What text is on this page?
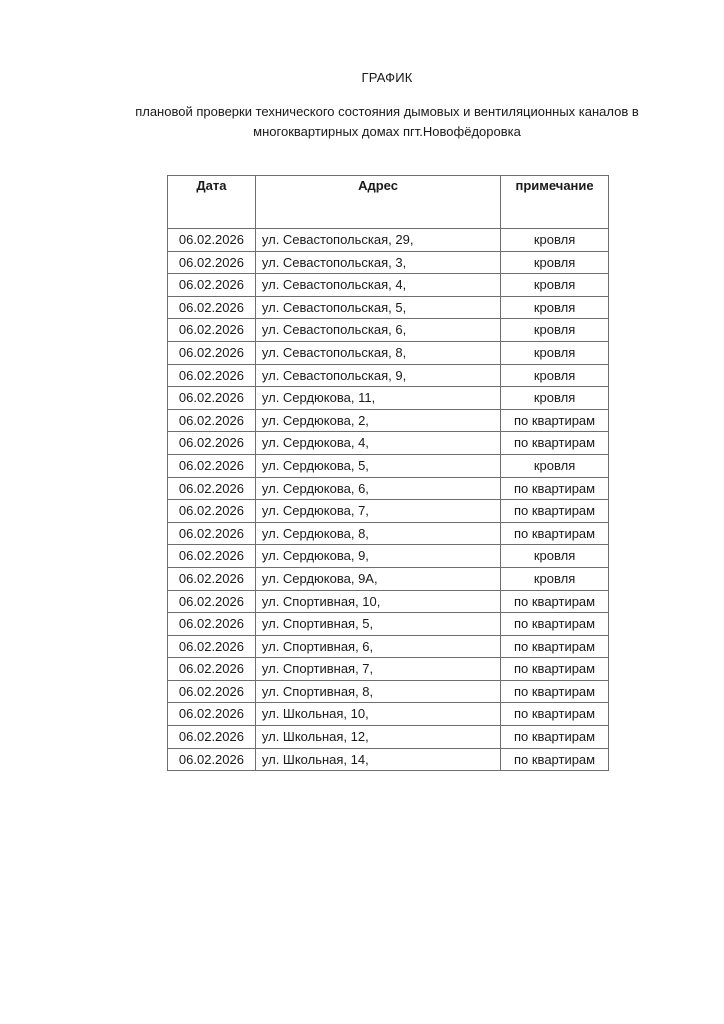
ГРАФИК
плановой проверки технического состояния дымовых и вентиляционных каналов в
многоквартирных домах пгт.Новофёдоровка
Дата	Адрес	примечание
06.02.2026	ул. Севастопольская, 29,	кровля
06.02.2026	ул. Севастопольская, 3,	кровля
06.02.2026	ул. Севастопольская, 4,	кровля
06.02.2026	ул. Севастопольская, 5,	кровля
06.02.2026	ул. Севастопольская, 6,	кровля
06.02.2026	ул. Севастопольская, 8,	кровля
06.02.2026	ул. Севастопольская, 9,	кровля
06.02.2026	ул. Сердюкова, 11,	кровля
06.02.2026	ул. Сердюкова, 2,	по квартирам
06.02.2026	ул. Сердюкова, 4,	по квартирам
06.02.2026	ул. Сердюкова, 5,	кровля
06.02.2026	ул. Сердюкова, 6,	по квартирам
06.02.2026	ул. Сердюкова, 7,	по квартирам
06.02.2026	ул. Сердюкова, 8,	по квартирам
06.02.2026	ул. Сердюкова, 9,	кровля
06.02.2026	ул. Сердюкова, 9А,	кровля
06.02.2026	ул. Спортивная, 10,	по квартирам
06.02.2026	ул. Спортивная, 5,	по квартирам
06.02.2026	ул. Спортивная, 6,	по квартирам
06.02.2026	ул. Спортивная, 7,	по квартирам
06.02.2026	ул. Спортивная, 8,	по квартирам
06.02.2026	ул. Школьная, 10,	по квартирам
06.02.2026	ул. Школьная, 12,	по квартирам
06.02.2026	ул. Школьная, 14,	по квартирам
